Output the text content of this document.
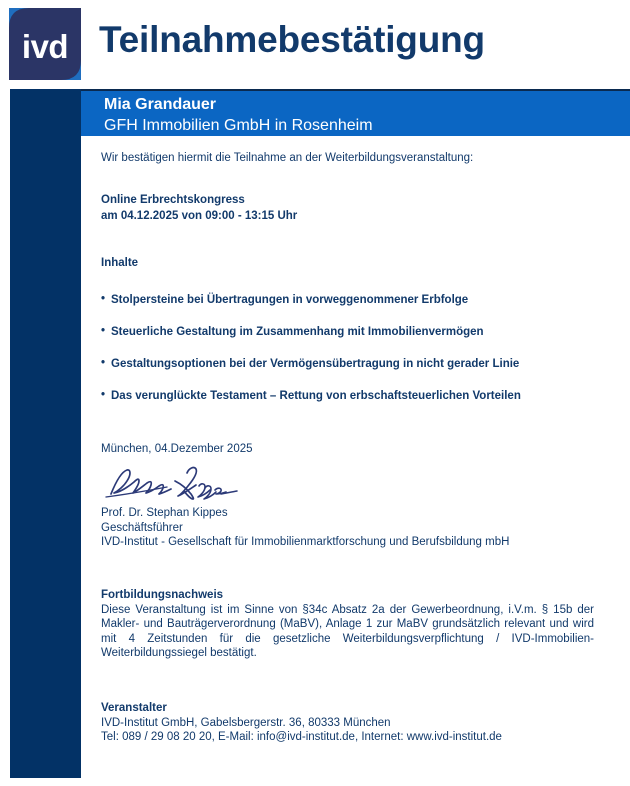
ivd Teilnahmebestätigung
Mia Grandauer
GFH Immobilien GmbH in Rosenheim
Wir bestätigen hiermit die Teilnahme an der Weiterbildungsveranstaltung:
Online Erbrechtskongress
am 04.12.2025 von 09:00 - 13:15 Uhr
Inhalte
• Stolpersteine bei Übertragungen in vorweggenommener Erbfolge
• Steuerliche Gestaltung im Zusammenhang mit Immobilienvermögen
• Gestaltungsoptionen bei der Vermögensübertragung in nicht gerader Linie
• Das verunglückte Testament – Rettung von erbschaftsteuerlichen Vorteilen
München, 04.Dezember 2025
Prof. Dr. Stephan Kippes
Geschäftsführer
IVD-Institut - Gesellschaft für Immobilienmarktforschung und Berufsbildung mbH
Fortbildungsnachweis
Diese Veranstaltung ist im Sinne von §34c Absatz 2a der Gewerbeordnung, i.V.m. § 15b der Makler- und Bauträgerverordnung (MaBV), Anlage 1 zur MaBV grundsätzlich relevant und wird mit 4 Zeitstunden für die gesetzliche Weiterbildungsverpflichtung / IVD-Immobilien-Weiterbildungssiegel bestätigt.
Veranstalter
IVD-Institut GmbH, Gabelsbergerstr. 36, 80333 München
Tel: 089 / 29 08 20 20, E-Mail: info@ivd-institut.de, Internet: www.ivd-institut.de
